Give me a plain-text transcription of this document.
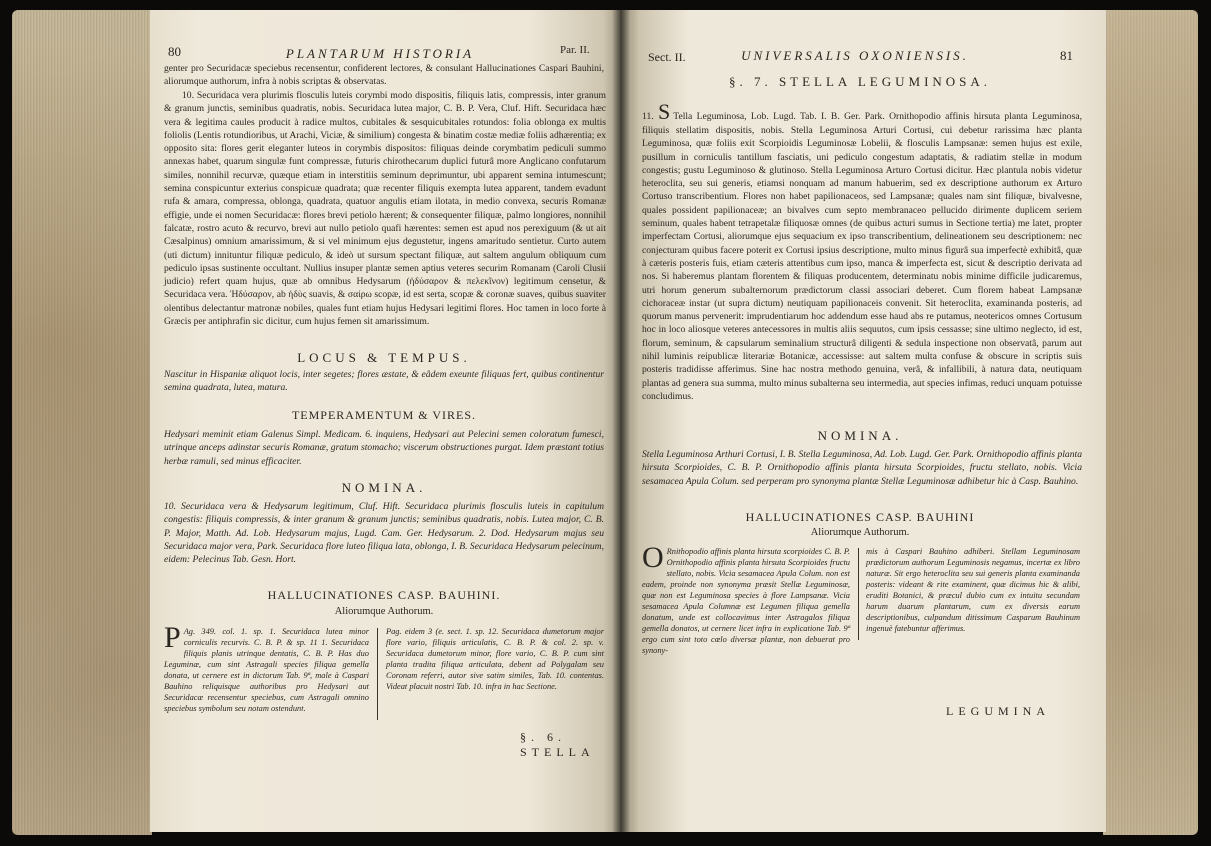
80	PLANTARUM HISTORIA	Par. II.
genter pro Securidacæ speciebus recensentur, confiderent lectores, & consulant Hallucinationes Caspari Bauhini, aliorumque authorum, infra à nobis scriptas & observatas.
10. Securidaca vera plurimis flosculis luteis corymbi modo dispositis, filiquis latis, compressis, inter granum & granum junctis, seminibus quadratis, nobis. Securidaca lutea major, C. B. P. Vera, Cluf. Hift. Securidaca hæc vera & legitima caules producit à radice multos, cubitales & sesquicubitales rotundos: folia oblonga ex multis foliolis (Lentis rotundioribus, ut Arachi, Viciæ, & similium) congesta & binatim costæ mediæ foliis adhærentia; ex opposito sita: flores gerit eleganter luteos in corymbis dispositos: filiquas deinde corymbatim pediculi summo annexas habet, quarum singulæ funt compressæ, futuris chirothecarum duplici futurâ more Anglicano confutarum similes, nonnihil recurvæ, quæque etiam in interstitiis seminum deprimuntur, ubi apparent semina intumescunt; semina conspicuntur exterius conspicuæ quadrata; quæ recenter filiquis exempta lutea apparent, tandem evadunt rufa & amara, compressa, oblonga, quadrata, quatuor angulis etiam ilotata, in medio convexa, securis Romanæ effigie, unde ei nomen Securidacæ: flores brevi petiolo hærent; & consequenter filiquæ, palmo longiores, nonnihil falcatæ, rostro acuto & recurvo, brevi aut nullo petiolo quafi hærentes: semen est apud nos perexiguum (& ut ait Cæsalpinus) omnium amarissimum, & si vel minimum ejus degustetur, ingens amaritudo sentietur. Curto autem (uti dictum) innituntur filiquæ pediculo, & ideò ut sursum spectant filiquæ, aut saltem angulum obliquum cum pediculo ipsas sustinente occultant. Nullius insuper plantæ semen aptius veteres securim Romanam (Caroli Clusii judicio) refert quam hujus, quæ ab omnibus Hedysarum (ἡδύσαρον & πελεκῖνον) legitimum censetur, & Securidaca vera. Ἡδύσαρον, ab ἡδὺς suavis, & σαίρω scopæ, id est serta, scopæ & coronæ suaves, quibus suaviter olentibus delectantur matronæ nobiles, quales funt etiam hujus Hedysari legitimi flores. Hoc tamen in loco forte à Græcis per antiphrafin sic dicitur, cum hujus femen sit amarissimum.
LOCUS & TEMPUS.
Nascitur in Hispaniæ aliquot locis, inter segetes; flores æstate, & eâdem exeunte filiquas fert, quibus continentur semina quadrata, lutea, matura.
TEMPERAMENTUM & VIRES.
Hedysari meminit etiam Galenus Simpl. Medicam. 6. inquiens, Hedysari aut Pelecini semen coloratum fumesci, utrinque anceps adinstar securis Romanæ, gratum stomacho; viscerum obstructiones purgat. Idem præstant totius herbæ ramuli, sed minus efficaciter.
NOMINA.
10. Securidaca vera & Hedysarum legitimum, Cluf. Hift. Securidaca plurimis flosculis luteis in capitulum congestis: filiquis compressis, & inter granum & granum junctis; seminibus quadratis, nobis. Lutea major, C. B. P. Major, Matth. Ad. Lob. Hedysarum majus, Lugd. Cam. Ger. Hedysarum. 2. Dod. Hedysarum majus seu Securidaca major vera, Park. Securidaca flore luteo filiqua lata, oblonga, I. B. Securidaca Hedysarum pelecinum, eidem: Pelecinus Tab. Gesn. Hort.
HALLUCINATIONES CASP. BAUHINI.
Aliorumque Authorum.
P Ag. 349. col. 1. sp. 1. Securidaca lutea minor corniculis recurvis. C. B. P. & sp. 11 1. Securidaca filiquis planis utrinque dentatis, C. B. P. Has duo Leguminæ, cum sint Astragali species filiqua gemella donata, ut cernere est in dictorum Tab. 9ª, male à Caspari Bauhino reliquisque authoribus pro Hedysari aut Securidacæ recensentur speciebus, cum Astragali omnino speciebus symbolum seu notam ostendunt.
Pag. eidem 3 (e. sect. 1. sp. 12. Securidaca dumetorum major flore vario, filiquis articulatis, C. B. P. & col. 2. sp. v. Securidaca dumetorum minor, flore vario, C. B. P. cum sint planta tradita filiqua articulata, debent ad Polygalam seu Coronam referri, autor sive satim similes, Tab. 10. contentas. Videat placuit nostri Tab. 10. infra in hac Sectione.
§. 6. STELLA
Sect. II.	UNIVERSALIS OXONIENSIS.	81
§. 7. STELLA LEGUMINOSA.
11. S Tella Leguminosa, Lob. Lugd. Tab. I. B. Ger. Park. Ornithopodio affinis hirsuta planta Leguminosa, filiquis stellatim dispositis, nobis. Stella Leguminosa Arturi Cortusi, cui debetur rarissima hæc planta Leguminosa, quæ foliis exit Scorpioidis Leguminosæ Lobelii, & flosculis Lampsanæ: semen hujus est exile, pusillum in corniculis tantillum fasciatis, uni pediculo congestum adaptatis, & radiatim stellæ in modum congestis; gustu Leguminoso & glutinoso. Stella Leguminosa Arturo Cortusi dicitur. Hæc plantula nobis videtur heteroclita, seu sui generis, etiamsi nonquam ad manum habuerim, sed ex descriptione authorum ex Arturo Cortuso transcribentium. Flores non habet papilionaceos, sed Lampsanæ; quales nam sint filiquæ, bivalvesne, quales possident papilionaceæ; an bivalves cum septo membranaceo pellucido dirimente duplicem seriem seminum, quales habent tetrapetalæ filiquosæ omnes (de quibus acturi sumus in Sectione tertia) me latet, propter imperfectam Cortusi, aliorumque ejus sequacium ex ipso transcribentium, delineationem seu descriptionem: nec conjecturam quibus facere poterit ex Cortusi ipsius descriptione, multo minus figurâ sua imperfectè exhibitâ, quæ à cæteris posteris fuis, etiam cæteris attentibus cum ipso, manca & imperfecta est, sicut & descriptio derivata ad nos. Si haberemus plantam florentem & filiquas producentem, determinatu nobis minime difficile judicaremus, utri horum generum subalternorum prædictorum classi associari deberet. Cum florem habeat Lampsanæ cichoraceæ instar (ut supra dictum) neutiquam papilionaceis convenit. Sit heteroclita, examinanda posteris, ad quorum manus pervenerit: imprudentiarum hoc addendum esse haud abs re putamus, neotericos omnes Cortusum hoc in loco aliosque veteres antecessores in multis aliis sequutos, cum ipsis cessasse; sine ultimo neglecto, id est, florum, seminum, & capsularum seminalium structurâ diligenti & sedula inspectione non observatâ, parum aut nihil luminis reipublicæ literariæ Botanicæ, accessisse: aut saltem multa confuse & obscure in scriptis suis posteris tradidisse afferimus. Sine hac nostra methodo genuina, verâ, & infallibili, à natura data, neutiquam plantas ad genera sua summa, multo minus subalterna seu intermedia, aut species infimas, reduci unquam potuisse concludimus.
NOMINA.
Stella Leguminosa Arthuri Cortusi, I. B. Stella Leguminosa, Ad. Lob. Lugd. Ger. Park. Ornithopodio affinis planta hirsuta Scorpioides, C. B. P. Ornithopodio affinis planta hirsuta Scorpioides, fructu stellato, nobis. Vicia sesamacea Apula Colum. sed perperam pro synonyma plantæ Stellæ Leguminosæ adhibetur hic à Casp. Bauhino.
HALLUCINATIONES CASP. BAUHINI
Aliorumque Authorum.
O Rnithopodio affinis planta hirsuta scorpioides C. B. P. Ornithopodio affinis planta hirsuta Scorpioides fructu stellato, nobis. Vicia sesamacea Apula Colum. non est eadem, proinde non synonyma præsit Stellæ Leguminosæ, quæ non est Leguminosa species à flore Lampsanæ. Vicia sesamacea Apula Columnæ est Legumen filiqua gemella donatum, unde est collocavimus inter Astragalos filiqua gemella donatos, ut cernere licet infra in explicatione Tab. 9ª ergo cum sint toto cœlo diversæ plantæ, non debuerat pro synony-
mis à Caspari Bauhino adhiberi. Stellam Leguminosam prædictorum authorum Leguminosis negamus, incertæ ex libro naturæ. Sit ergo heteroclita seu sui generis planta examinanda posteris: videant & rite examinent, quæ dicimus hic & alibi, eruditi Botanici, & præcul dubio cum ex intuitu secundam harum duarum plantarum, cum ex diversis earum descriptionibus, culpandum ditissimum Casparum Bauhinum ingenuè fatebuntur afferimus.
LEGUMINA
